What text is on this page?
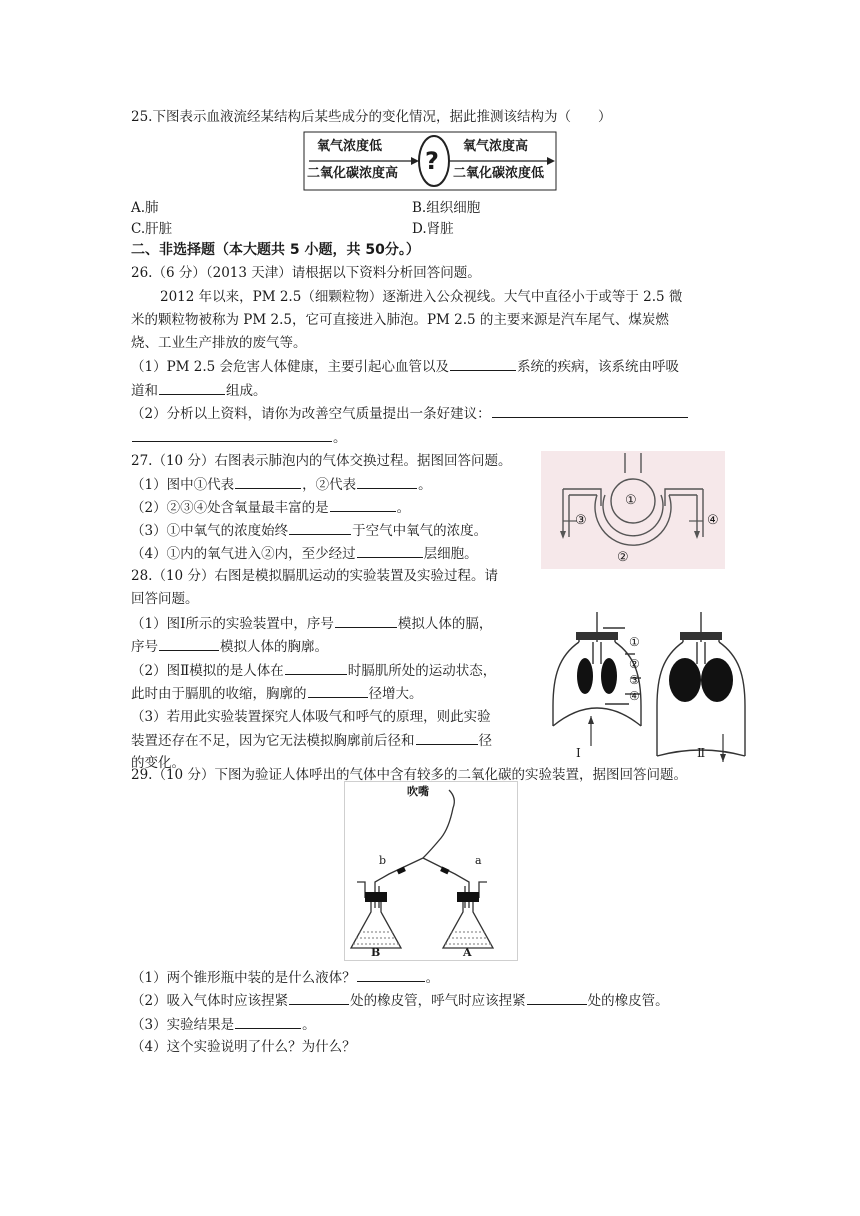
25.下图表示血液流经某结构后某些成分的变化情况，据此推测该结构为（　　）
氧气浓度低
二氧化碳浓度高 ?
氧气浓度高
二氧化碳浓度低
A.肺	B.组织细胞
C.肝脏	D.肾脏
二、非选择题（本大题共 5 小题，共 50分。）
26.（6 分）（2013 天津）请根据以下资料分析回答问题。
2012 年以来，PM 2.5（细颗粒物）逐渐进入公众视线。大气中直径小于或等于 2.5 微
米的颗粒物被称为 PM 2.5，它可直接进入肺泡。PM 2.5 的主要来源是汽车尾气、煤炭燃
烧、工业生产排放的废气等。
（1）PM 2.5 会危害人体健康，主要引起心血管以及	系统的疾病，该系统由呼吸
道和	组成。
（2）分析以上资料，请你为改善空气质量提出一条好建议：
。
27.（10 分）右图表示肺泡内的气体交换过程。据图回答问题。
（1）图中①代表	，②代表	。
（2）②③④处含氧量最丰富的是	。
（3）①中氧气的浓度始终	于空气中氧气的浓度。
（4）①内的氧气进入②内，至少经过	层细胞。
①
②
③	④
28.（10 分）右图是模拟膈肌运动的实验装置及实验过程。请
回答问题。
（1）图Ⅰ所示的实验装置中，序号	模拟人体的膈，
序号	模拟人体的胸廓。
（2）图Ⅱ模拟的是人体在	时膈肌所处的运动状态，
此时由于膈肌的收缩，胸廓的	径增大。
（3）若用此实验装置探究人体吸气和呼气的原理，则此实验
装置还存在不足，因为它无法模拟胸廓前后径和	径
的变化。
①
②
③
④
Ⅰ	Ⅱ
29.（10 分）下图为验证人体呼出的气体中含有较多的二氧化碳的实验装置，据图回答问题。
吹嘴
b	a
B	A
（1）两个锥形瓶中装的是什么液体？	。
（2）吸入气体时应该捏紧	处的橡皮管，呼气时应该捏紧	处的橡皮管。
（3）实验结果是	。
（4）这个实验说明了什么？为什么？
